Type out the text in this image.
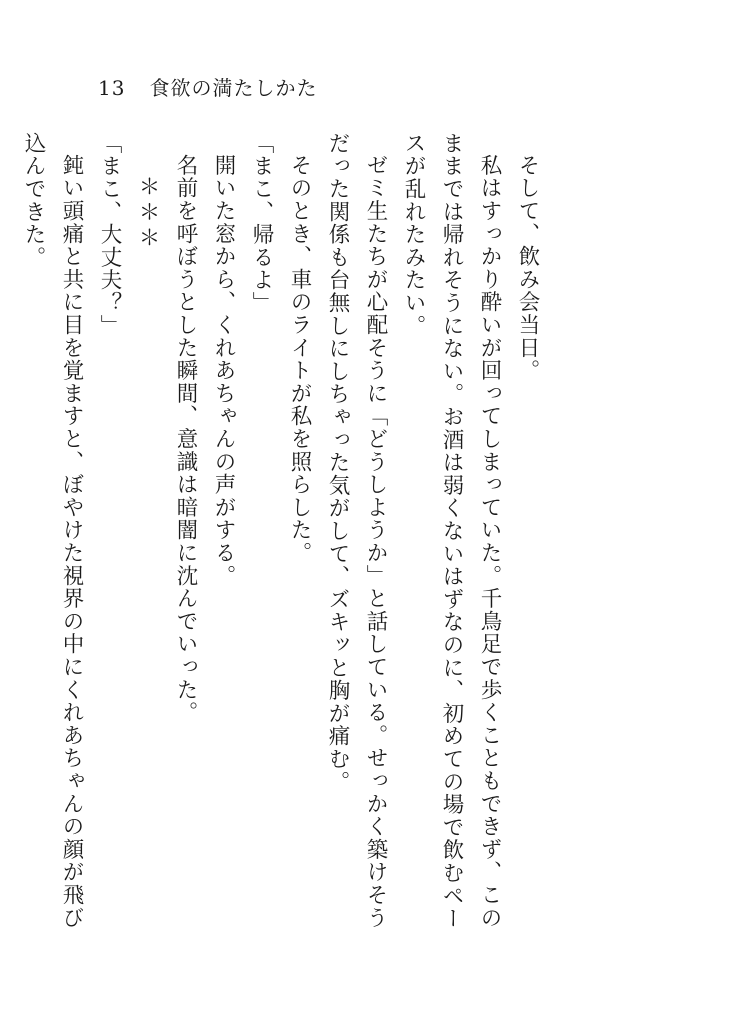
13 食欲の満たしかた

そして、飲み会当日。

私はすっかり酔いが回ってしまっていた。千鳥足で歩くこともできず、このままでは帰れそうにない。お酒は弱くないはずなのに、初めての場で飲むペースが乱れたみたい。

ゼミ生たちが心配そうに「どうしようか」と話している。せっかく築けそうだった関係も台無しにしちゃった気がして、ズキッと胸が痛む。

そのとき、車のライトが私を照らした。

「まこ、帰るよ」

開いた窓から、くれあちゃんの声がする。

名前を呼ぼうとした瞬間、意識は暗闇に沈んでいった。

＊＊＊

「まこ、大丈夫？」

鈍い頭痛と共に目を覚ますと、ぼやけた視界の中にくれあちゃんの顔が飛び込んできた。
